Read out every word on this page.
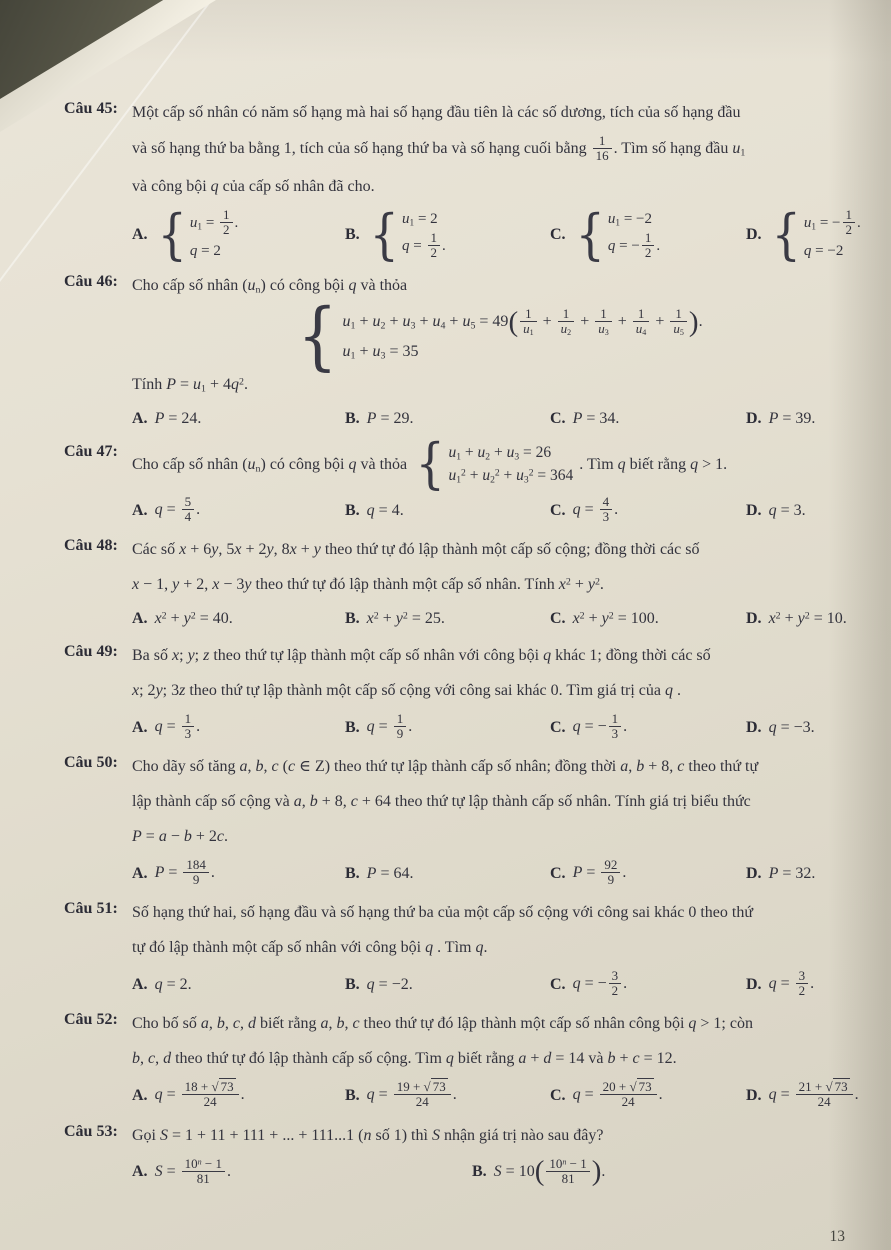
Câu 45: Một cấp số nhân có năm số hạng mà hai số hạng đầu tiên là các số dương, tích của số hạng đầu
và số hạng thứ ba bằng 1, tích của số hạng thứ ba và số hạng cuối bằng $\frac{1}{16}$ . Tìm số hạng đầu $u_1$
và công bội q của cấp số nhân đã cho.
A. { $u_1 = \frac{1}{2}$ .
q = 2
B. { $u_1 = 2$
$q = \frac{1}{2}$ .
C. { $u_1 = -2$
q = − $\frac{1}{2}$ .
D. { $u_1$ = − $\frac{1}{2}$ .
q = −2
Câu 46: Cho cấp số nhân $(u_n)$ có công bội q và thỏa
{ $u_1 + u_2 + u_3 + u_4 + u_5 = 49( \frac{1}{u_1} + \frac{1}{u_2} + \frac{1}{u_3} + \frac{1}{u_4} + \frac{1}{u_5}$ ).
$u_1 + u_3 = 35$
Tính $P = u_1 + 4q^2$.
A. P = 24.	B. P = 29.	C. P = 34.	D. P = 39.
Câu 47:
Cho cấp số nhân $(u_n)$ có công bội q và thỏa { $u_1 + u_2 + u_3 = 26$
$u_1^2 + u_2^2 + u_3^2 = 364$
. Tìm q biết rằng q > 1.
A. $q = \frac{5}{4}$ .	B. q = 4.	C. $q = \frac{4}{3}$ .	D. q = 3.
Câu 48: Các số x + 6y, 5x + 2y, 8x + y theo thứ tự đó lập thành một cấp số cộng; đồng thời các số
x − 1, y + 2, x − 3y theo thứ tự đó lập thành một cấp số nhân. Tính $x^2 + y^2$.
A. $x^2 + y^2 = 40$.	B. $x^2 + y^2 = 25$.	C. $x^2 + y^2 = 100$.	D. $x^2 + y^2 = 10$.
Câu 49: Ba số x; y; z theo thứ tự lập thành một cấp số nhân với công bội q khác 1; đồng thời các số
x; 2y; 3z theo thứ tự lập thành một cấp số cộng với công sai khác 0. Tìm giá trị của q .
A. $q = \frac{1}{3}$ .	B. $q = \frac{1}{9}$ .	C. q = − $\frac{1}{3}$ .	D. q = −3.
Câu 50: Cho dãy số tăng a, b, c (c ∈ Z) theo thứ tự lập thành cấp số nhân; đồng thời a, b + 8, c theo thứ tự
lập thành cấp số cộng và a, b + 8, c + 64 theo thứ tự lập thành cấp số nhân. Tính giá trị biểu thức
P = a − b + 2c.
A. $P = \frac{184}{9}$ .	B. P = 64.	C. $P = \frac{92}{9}$ .	D. P = 32.
Câu 51: Số hạng thứ hai, số hạng đầu và số hạng thứ ba của một cấp số cộng với công sai khác 0 theo thứ
tự đó lập thành một cấp số nhân với công bội q . Tìm q.
A. q = 2.	B. q = −2.	C. q = − $\frac{3}{2}$ .	D. $q = \frac{3}{2}$ .
Câu 52: Cho bố số a, b, c, d biết rằng a, b, c theo thứ tự đó lập thành một cấp số nhân công bội q > 1; còn
b, c, d theo thứ tự đó lập thành cấp số cộng. Tìm q biết rằng a + d = 14 và b + c = 12.
A. $q = \frac{18 + √ 73}{24}$ .	B. $q = \frac{19 + √ 73}{24}$ .	C. $q = \frac{20 + √ 73}{24}$ .	D. $q = \frac{21 + √ 73}{24}$ .
Câu 53: Gọi S = 1 + 11 + 111 + ... + 111...1 (n số 1) thì S nhận giá trị nào sau đây?
A. $S = \frac{10^n - 1}{81}$ .	B. $S = 10( \frac{10^n - 1}{81}$ ).
13
